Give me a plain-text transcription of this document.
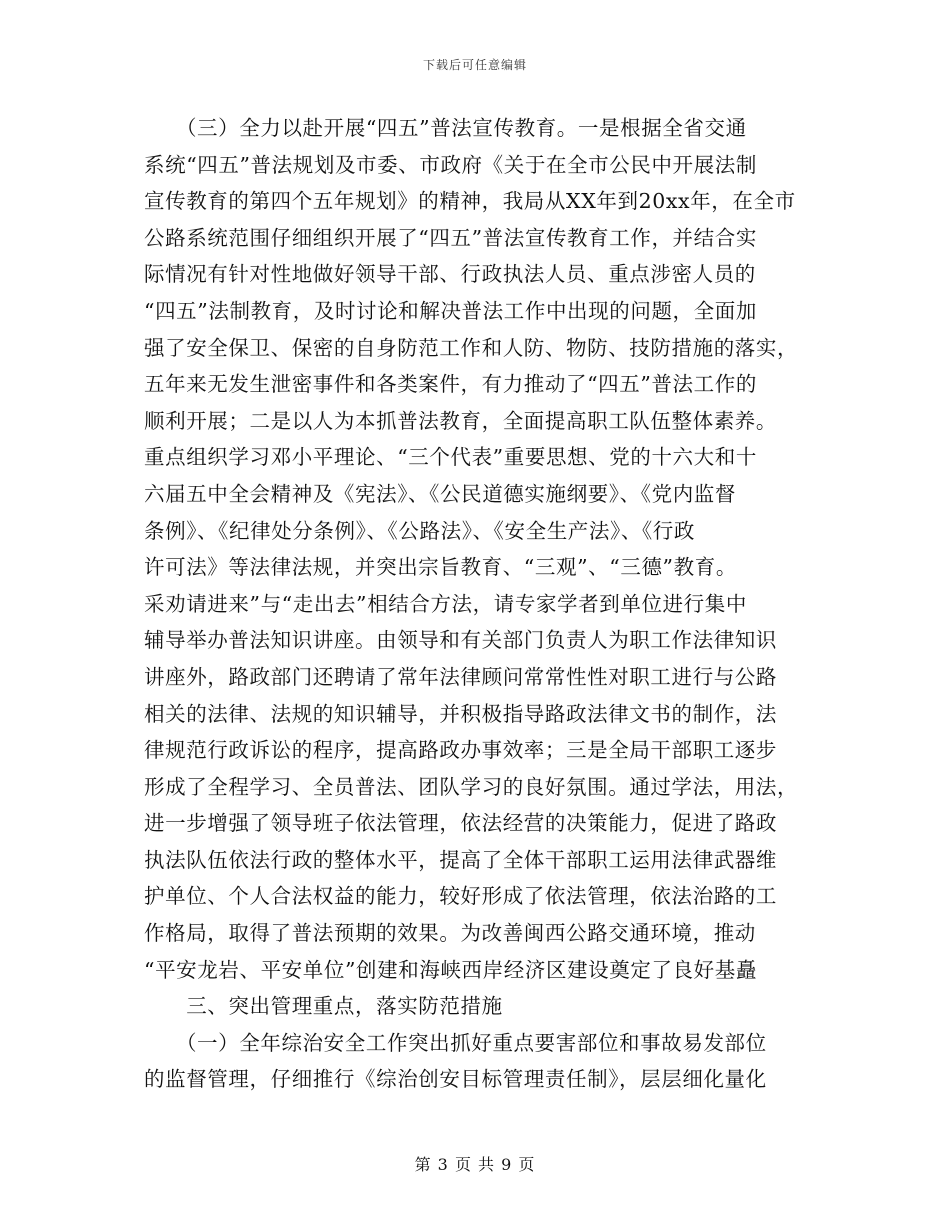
下载后可任意编辑
　　（三）全力以赴开展“四五”普法宣传教育。一是根据全省交通
系统“四五”普法规划及市委、市政府《关于在全市公民中开展法制
宣传教育的第四个五年规划》的精神，我局从XX年到20xx年，在全市
公路系统范围仔细组织开展了“四五”普法宣传教育工作，并结合实
际情况有针对性地做好领导干部、行政执法人员、重点涉密人员的
“四五”法制教育，及时讨论和解决普法工作中出现的问题，全面加
强了安全保卫、保密的自身防范工作和人防、物防、技防措施的落实，
五年来无发生泄密事件和各类案件，有力推动了“四五”普法工作的
顺利开展；二是以人为本抓普法教育，全面提高职工队伍整体素养。
重点组织学习邓小平理论、“三个代表”重要思想、党的十六大和十
六届五中全会精神及《宪法》、《公民道德实施纲要》、《党内监督
条例》、《纪律处分条例》、《公路法》、《安全生产法》、《行政
许可法》等法律法规，并突出宗旨教育、“三观”、“三德”教育。
采劝请进来”与“走出去”相结合方法，请专家学者到单位进行集中
辅导举办普法知识讲座。由领导和有关部门负责人为职工作法律知识
讲座外，路政部门还聘请了常年法律顾问常常性性对职工进行与公路
相关的法律、法规的知识辅导，并积极指导路政法律文书的制作，法
律规范行政诉讼的程序，提高路政办事效率；三是全局干部职工逐步
形成了全程学习、全员普法、团队学习的良好氛围。通过学法，用法，
进一步增强了领导班子依法管理，依法经营的决策能力，促进了路政
执法队伍依法行政的整体水平，提高了全体干部职工运用法律武器维
护单位、个人合法权益的能力，较好形成了依法管理，依法治路的工
作格局，取得了普法预期的效果。为改善闽西公路交通环境，推动
“平安龙岩、平安单位”创建和海峡西岸经济区建设奠定了良好基矗
　　三、突出管理重点，落实防范措施
　　（一）全年综治安全工作突出抓好重点要害部位和事故易发部位
的监督管理，仔细推行《综治创安目标管理责任制》，层层细化量化
第 3 页 共 9 页
